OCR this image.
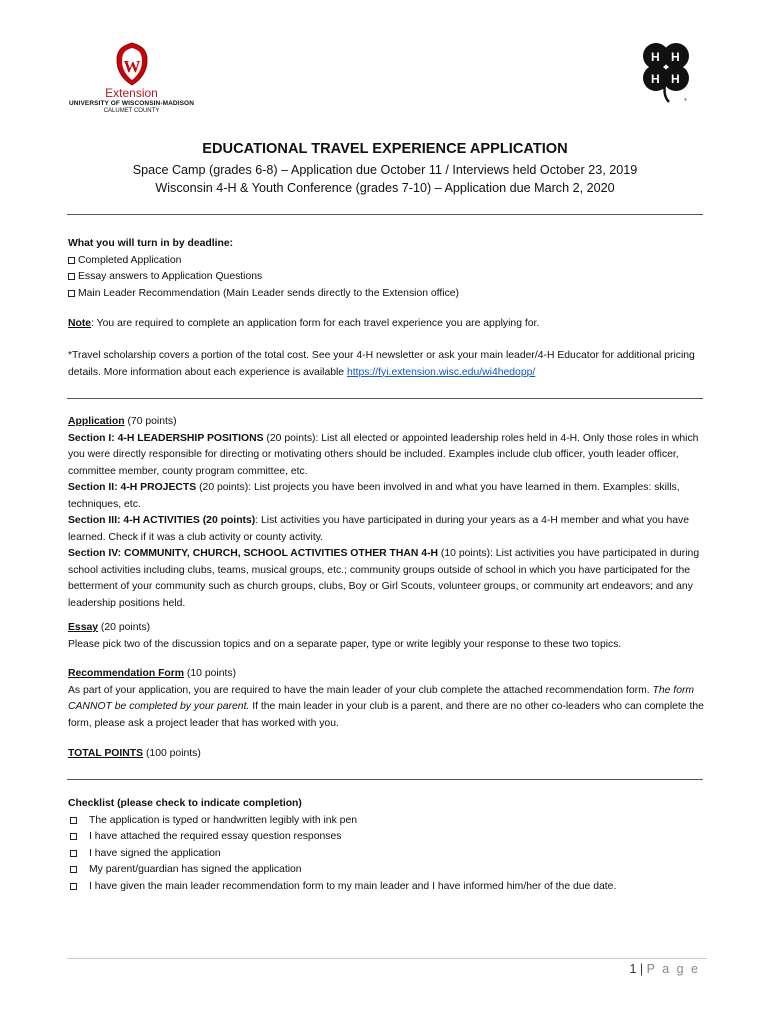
W
Extension
UNIVERSITY OF WISCONSIN-MADISON
CALUMET COUNTY
H H
H H
®
EDUCATIONAL TRAVEL EXPERIENCE APPLICATION
Space Camp (grades 6-8) – Application due October 11 / Interviews held October 23, 2019
Wisconsin 4-H & Youth Conference (grades 7-10) – Application due March 2, 2020

What you will turn in by deadline:

Completed Application

Essay answers to Application Questions

Main Leader Recommendation (Main Leader sends directly to the Extension office)

Note: You are required to complete an application form for each travel experience you are applying for.

*Travel scholarship covers a portion of the total cost. See your 4-H newsletter or ask your main leader/4-H Educator for additional pricing details. More information about each experience is available https://fyi.extension.wisc.edu/wi4hedopp/

Application (70 points)

Section I: 4-H LEADERSHIP POSITIONS (20 points): List all elected or appointed leadership roles held in 4-H. Only those roles in which you were directly responsible for directing or motivating others should be included. Examples include club officer, youth leader officer, committee member, county program committee, etc.

Section II: 4-H PROJECTS (20 points): List projects you have been involved in and what you have learned in them. Examples: skills, techniques, etc.

Section III: 4-H ACTIVITIES (20 points): List activities you have participated in during your years as a 4-H member and what you have learned. Check if it was a club activity or county activity.

Section IV: COMMUNITY, CHURCH, SCHOOL ACTIVITIES OTHER THAN 4-H (10 points): List activities you have participated in during school activities including clubs, teams, musical groups, etc.; community groups outside of school in which you have participated for the betterment of your community such as church groups, clubs, Boy or Girl Scouts, volunteer groups, or community art endeavors; and any leadership positions held.

Essay (20 points)

Please pick two of the discussion topics and on a separate paper, type or write legibly your response to these two topics.

Recommendation Form (10 points)

As part of your application, you are required to have the main leader of your club complete the attached recommendation form. The form CANNOT be completed by your parent. If the main leader in your club is a parent, and there are no other co-leaders who can complete the form, please ask a project leader that has worked with you.

TOTAL POINTS (100 points)

Checklist (please check to indicate completion)

The application is typed or handwritten legibly with ink pen

I have attached the required essay question responses

I have signed the application

My parent/guardian has signed the application

I have given the main leader recommendation form to my main leader and I have informed him/her of the due date.

1 | P a g e
